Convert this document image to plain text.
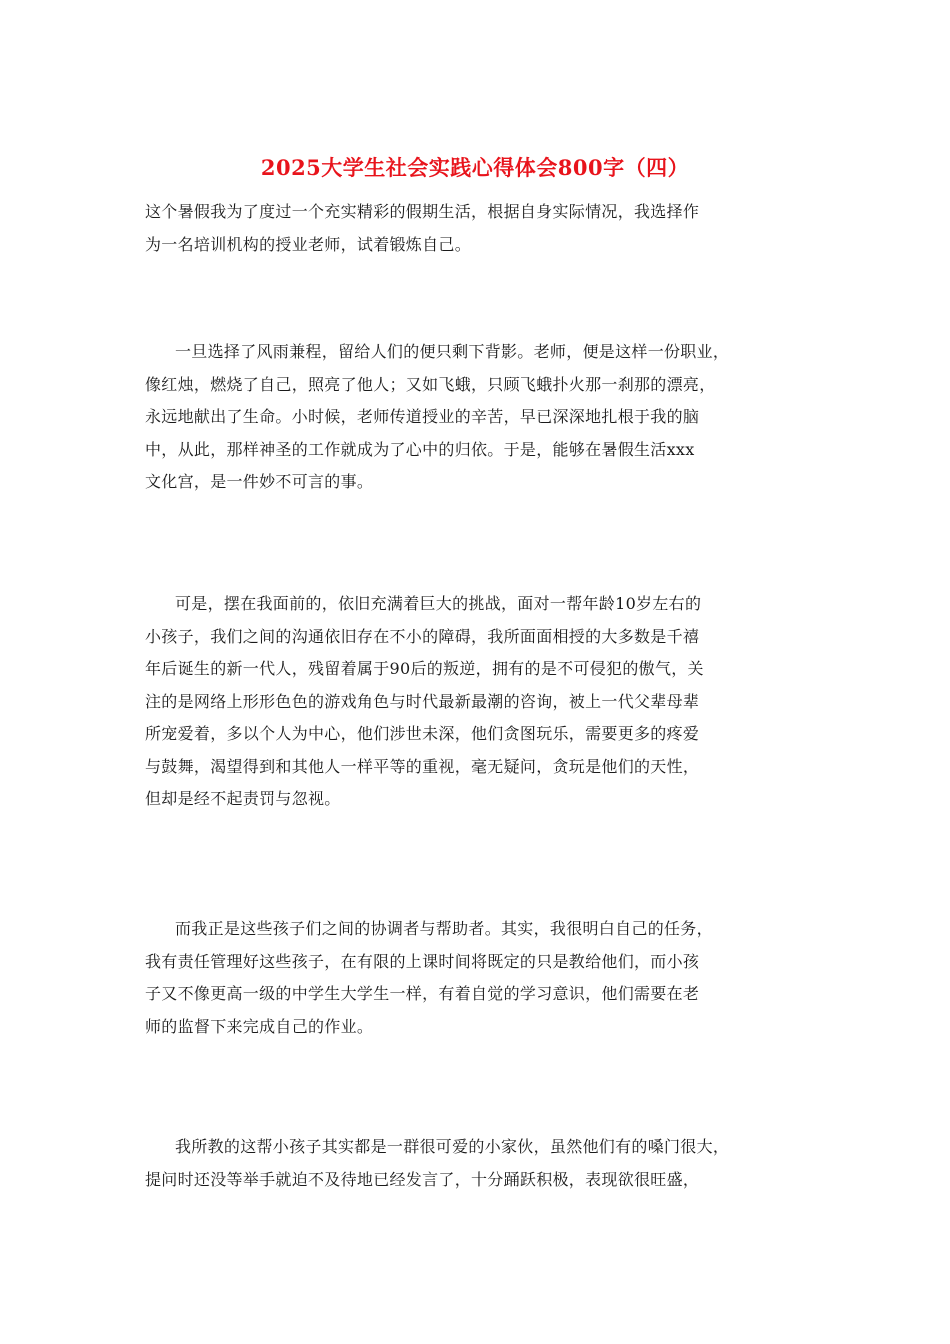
2025大学生社会实践心得体会800字（四）
这个暑假我为了度过一个充实精彩的假期生活，根据自身实际情况，我选择作
为一名培训机构的授业老师，试着锻炼自己。
一旦选择了风雨兼程，留给人们的便只剩下背影。老师，便是这样一份职业，
像红烛，燃烧了自己，照亮了他人；又如飞蛾，只顾飞蛾扑火那一刹那的漂亮，
永远地献出了生命。小时候，老师传道授业的辛苦，早已深深地扎根于我的脑
中，从此，那样神圣的工作就成为了心中的归依。于是，能够在暑假生活xxx
文化宫，是一件妙不可言的事。
可是，摆在我面前的，依旧充满着巨大的挑战，面对一帮年龄10岁左右的
小孩子，我们之间的沟通依旧存在不小的障碍，我所面面相授的大多数是千禧
年后诞生的新一代人，残留着属于90后的叛逆，拥有的是不可侵犯的傲气，关
注的是网络上形形色色的游戏角色与时代最新最潮的咨询，被上一代父辈母辈
所宠爱着，多以个人为中心，他们涉世未深，他们贪图玩乐，需要更多的疼爱
与鼓舞，渴望得到和其他人一样平等的重视，毫无疑问，贪玩是他们的天性，
但却是经不起责罚与忽视。
而我正是这些孩子们之间的协调者与帮助者。其实，我很明白自己的任务，
我有责任管理好这些孩子，在有限的上课时间将既定的只是教给他们，而小孩
子又不像更高一级的中学生大学生一样，有着自觉的学习意识，他们需要在老
师的监督下来完成自己的作业。
我所教的这帮小孩子其实都是一群很可爱的小家伙，虽然他们有的嗓门很大，
提问时还没等举手就迫不及待地已经发言了，十分踊跃积极，表现欲很旺盛，
